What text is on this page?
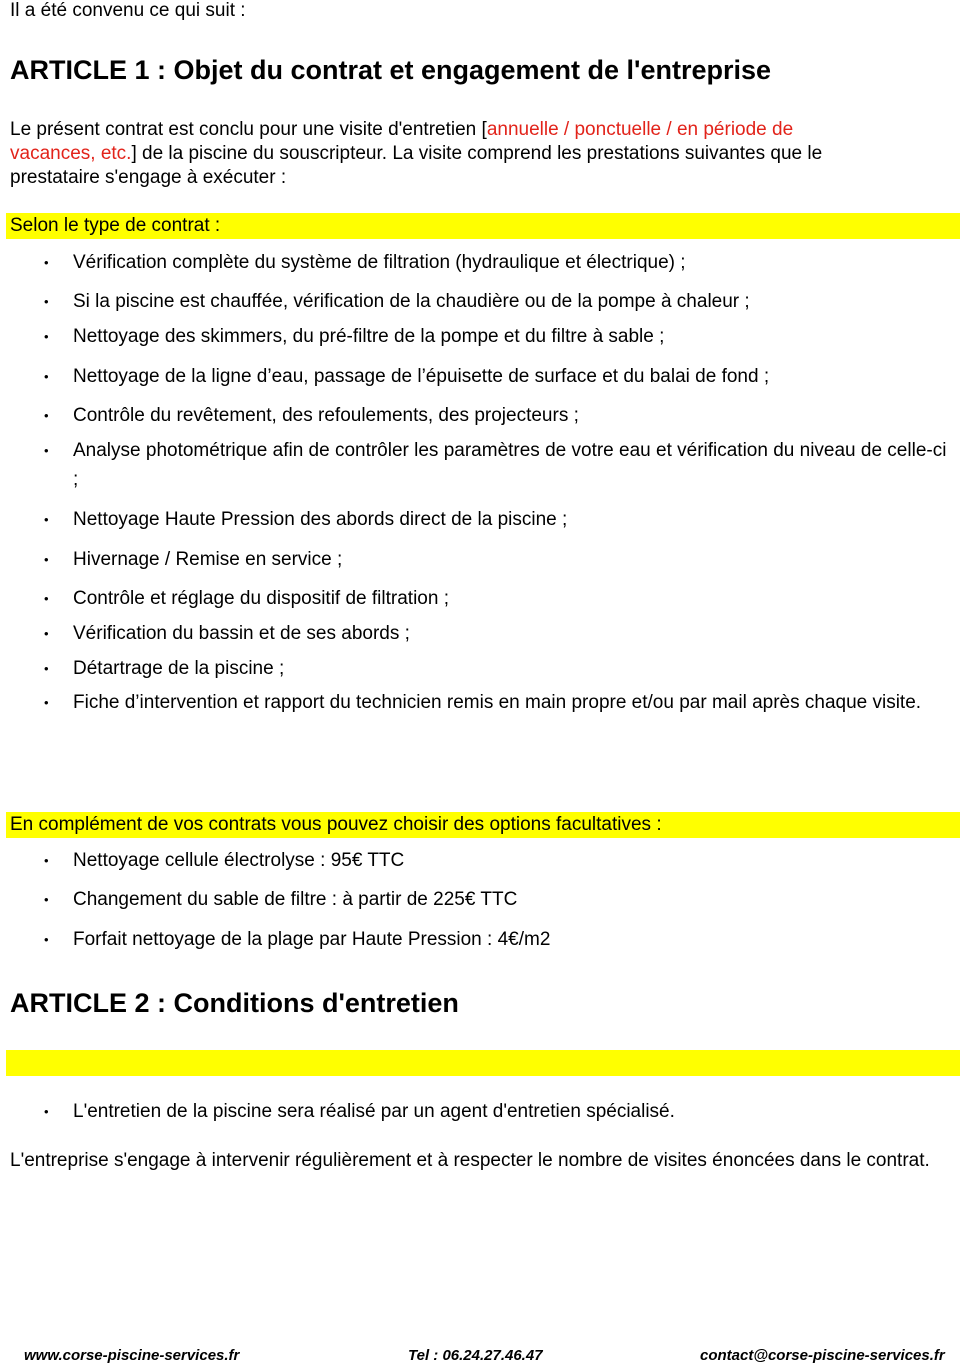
Il a été convenu ce qui suit :
ARTICLE 1 : Objet du contrat et engagement de l'entreprise
Le présent contrat est conclu pour une visite d'entretien [annuelle / ponctuelle / en période de
vacances, etc.] de la piscine du souscripteur. La visite comprend les prestations suivantes que le
prestataire s'engage à exécuter :
Selon le type de contrat :
• Vérification complète du système de filtration (hydraulique et électrique) ;
• Si la piscine est chauffée, vérification de la chaudière ou de la pompe à chaleur ;
• Nettoyage des skimmers, du pré-filtre de la pompe et du filtre à sable ;
• Nettoyage de la ligne d’eau, passage de l’épuisette de surface et du balai de fond ;
• Contrôle du revêtement, des refoulements, des projecteurs ;
• Analyse photométrique afin de contrôler les paramètres de votre eau et vérification du niveau de celle-ci ;
• Nettoyage Haute Pression des abords direct de la piscine ;
• Hivernage / Remise en service ;
• Contrôle et réglage du dispositif de filtration ;
• Vérification du bassin et de ses abords ;
• Détartrage de la piscine ;
• Fiche d’intervention et rapport du technicien remis en main propre et/ou par mail après chaque visite.
En complément de vos contrats vous pouvez choisir des options facultatives :
• Nettoyage cellule électrolyse : 95€ TTC
• Changement du sable de filtre : à partir de 225€ TTC
• Forfait nettoyage de la plage par Haute Pression : 4€/m2
ARTICLE 2 : Conditions d'entretien
• L'entretien de la piscine sera réalisé par un agent d'entretien spécialisé.
L'entreprise s'engage à intervenir régulièrement et à respecter le nombre de visites énoncées dans le contrat.
www.corse-piscine-services.fr	Tel : 06.24.27.46.47	contact@corse-piscine-services.fr
